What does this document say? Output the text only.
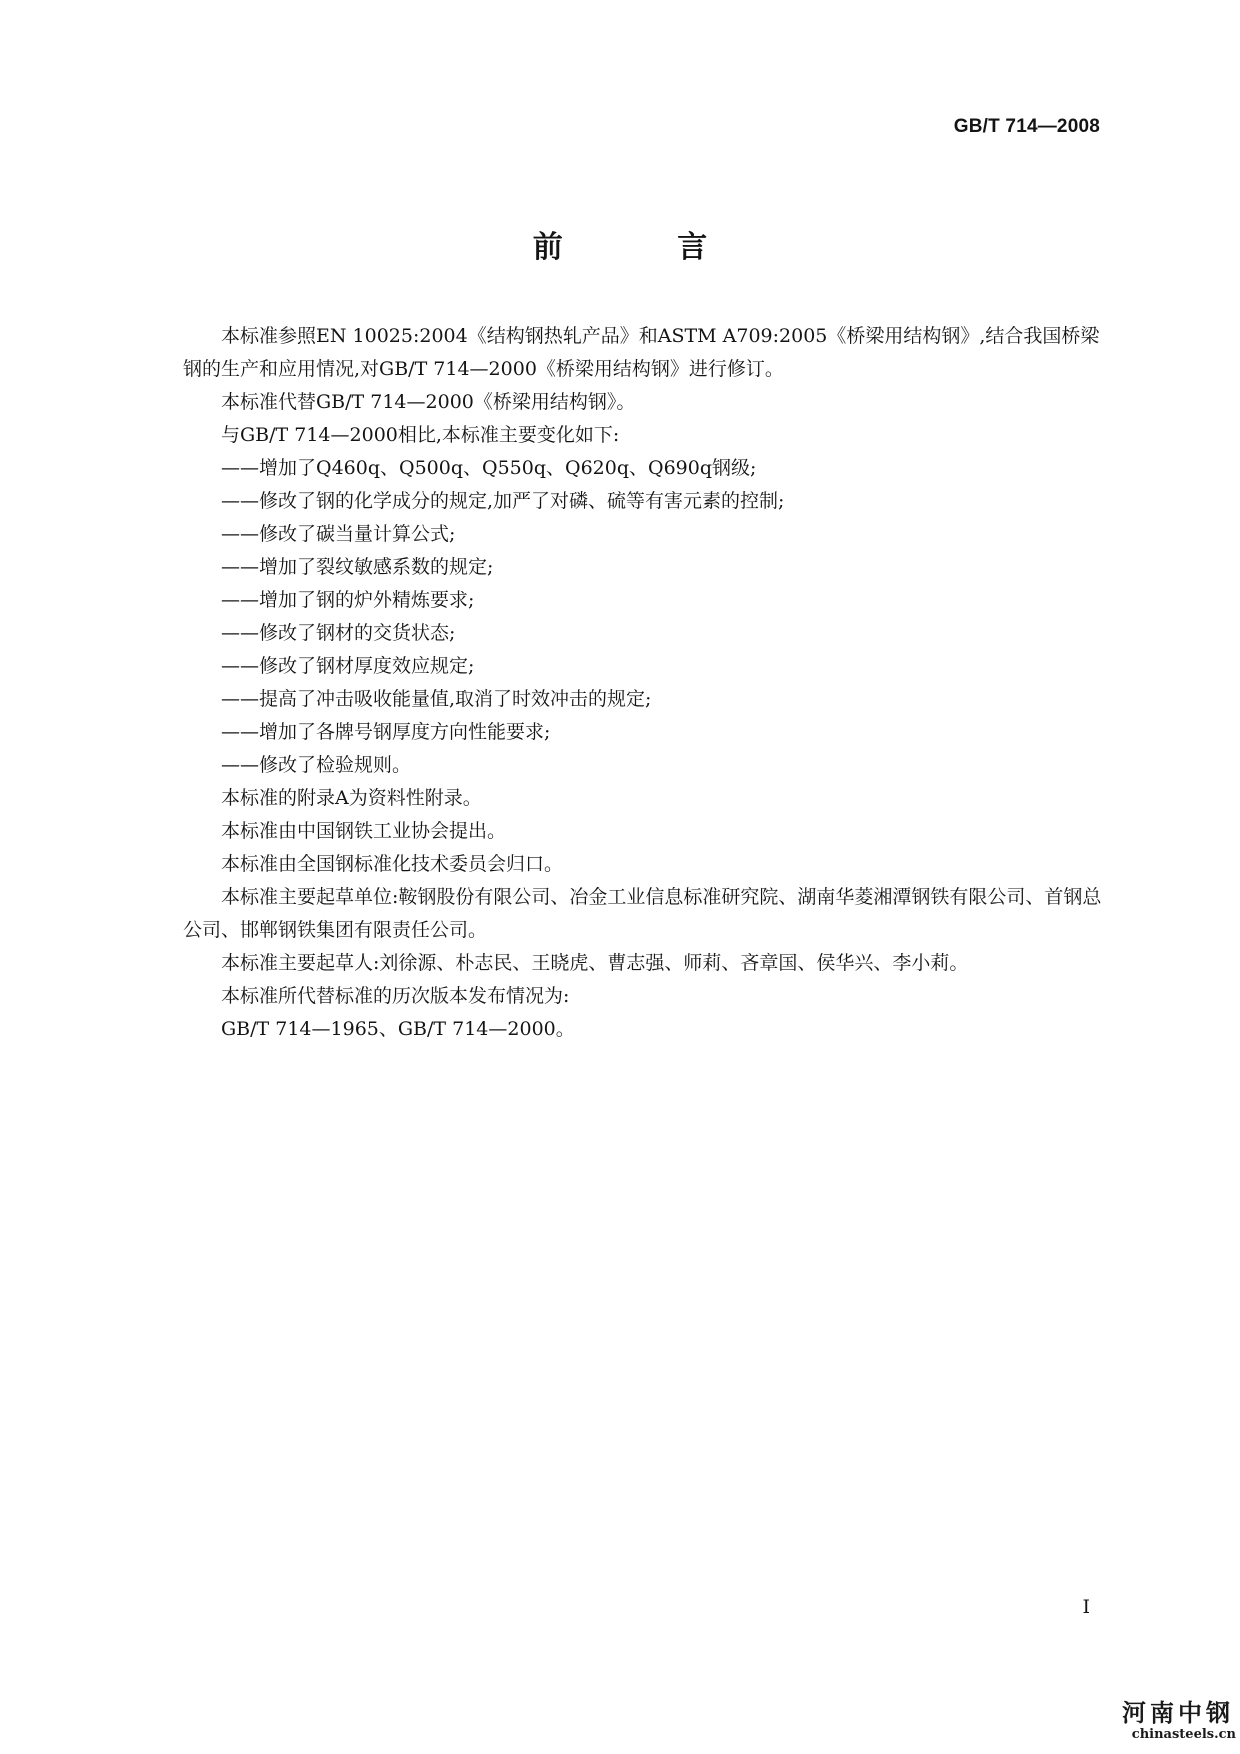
GB/T 714—2008
前 言

本标准参照EN 10025:2004《结构钢热轧产品》和ASTM A709:2005《桥梁用结构钢》,结合我国桥梁钢的生产和应用情况,对GB/T 714—2000《桥梁用结构钢》进行修订。

本标准代替GB/T 714—2000《桥梁用结构钢》。

与GB/T 714—2000相比,本标准主要变化如下:

——增加了Q460q、Q500q、Q550q、Q620q、Q690q钢级;
——修改了钢的化学成分的规定,加严了对磷、硫等有害元素的控制;
——修改了碳当量计算公式;
——增加了裂纹敏感系数的规定;
——增加了钢的炉外精炼要求;
——修改了钢材的交货状态;
——修改了钢材厚度效应规定;
——提高了冲击吸收能量值,取消了时效冲击的规定;
——增加了各牌号钢厚度方向性能要求;
——修改了检验规则。

本标准的附录A为资料性附录。

本标准由中国钢铁工业协会提出。

本标准由全国钢标准化技术委员会归口。

本标准主要起草单位:鞍钢股份有限公司、冶金工业信息标准研究院、湖南华菱湘潭钢铁有限公司、首钢总公司、邯郸钢铁集团有限责任公司。

本标准主要起草人:刘徐源、朴志民、王晓虎、曹志强、师莉、吝章国、侯华兴、李小莉。

本标准所代替标准的历次版本发布情况为:

GB/T 714—1965、GB/T 714—2000。

I
河南中钢
chinasteels.cn
